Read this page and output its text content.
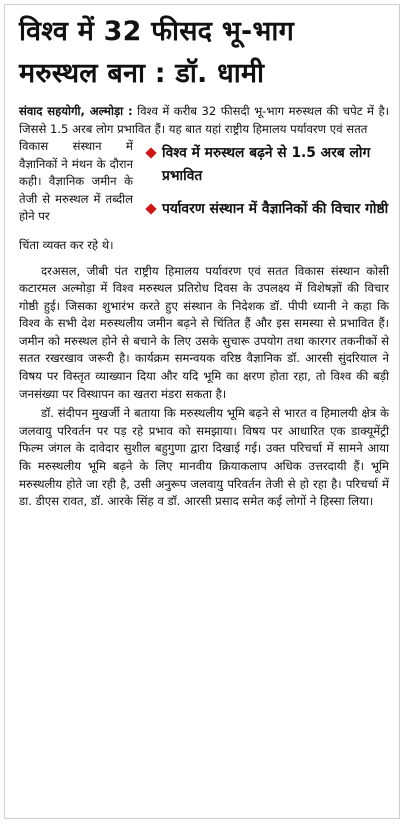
विश्व में 32 फीसद भू-भाग
मरुस्थल बना : डॉ. धामी
संवाद सहयोगी, अल्मोड़ा : विश्व में करीब 32 फीसदी भू-भाग मरुस्थल की चपेट में है। जिससे 1.5 अरब लोग प्रभावित हैं। यह बात यहां राष्ट्रीय हिमालय पर्यावरण एवं सतत
विकास संस्थान में वैज्ञानिकों ने मंथन के दौरान कही। वैज्ञानिक जमीन के तेजी से मरुस्थल में तब्दील होने पर
विश्व में मरुस्थल बढ़ने से 1.5 अरब लोग प्रभावित
पर्यावरण संस्थान में वैज्ञानिकों की विचार गोष्ठी
चिंता व्यक्त कर रहे थे।

दरअसल, जीबी पंत राष्ट्रीय हिमालय पर्यावरण एवं सतत विकास संस्थान कोसी कटारमल अल्मोड़ा में विश्व मरुस्थल प्रतिरोध दिवस के उपलक्ष्य में विशेषज्ञों की विचार गोष्ठी हुई। जिसका शुभारंभ करते हुए संस्थान के निदेशक डॉ. पीपी ध्यानी ने कहा कि विश्व के सभी देश मरुस्थलीय जमीन बढ़ने से चिंतित हैं और इस समस्या से प्रभावित हैं। जमीन को मरुस्थल होने से बचाने के लिए उसके सुचारू उपयोग तथा कारगर तकनीकों से सतत रखरखाव जरूरी है। कार्यक्रम समन्वयक वरिष्ठ वैज्ञानिक डॉ. आरसी सुंदरियाल ने विषय पर विस्तृत व्याख्यान दिया और यदि भूमि का क्षरण होता रहा, तो विश्व की बड़ी जनसंख्या पर विस्थापन का खतरा मंडरा सकता है।

डॉ. संदीपन मुखर्जी ने बताया कि मरुस्थलीय भूमि बढ़ने से भारत व हिमालयी क्षेत्र के जलवायु परिवर्तन पर पड़ रहे प्रभाव को समझाया। विषय पर आधारित एक डाक्यूमेंट्री फिल्म जंगल के दावेदार सुशील बहुगुणा द्वारा दिखाई गई। उक्त परिचर्चा में सामने आया कि मरुस्थलीय भूमि बढ़ने के लिए मानवीय क्रियाकलाप अधिक उत्तरदायी हैं। भूमि मरुस्थलीय होते जा रही है, उसी अनुरूप जलवायु परिवर्तन तेजी से हो रहा है। परिचर्चा में डा. डीएस रावत, डॉ. आरके सिंह व डॉ. आरसी प्रसाद समेत कई लोगों ने हिस्सा लिया।
